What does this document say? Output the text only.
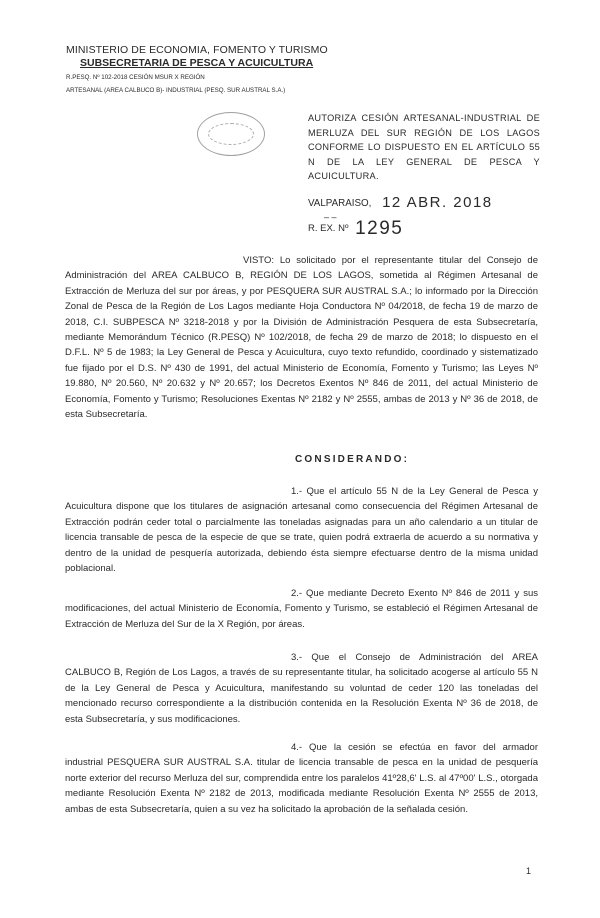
MINISTERIO DE ECONOMIA, FOMENTO Y TURISMO
SUBSECRETARIA DE PESCA Y ACUICULTURA
R.PESQ. Nº 102-2018 CESIÓN MSUR X REGIÓN
ARTESANAL (AREA CALBUCO B)- INDUSTRIAL (PESQ. SUR AUSTRAL S.A.)
AUTORIZA CESIÓN ARTESANAL-INDUSTRIAL DE MERLUZA DEL SUR REGIÓN DE LOS LAGOS CONFORME LO DISPUESTO EN EL ARTÍCULO 55 N DE LA LEY GENERAL DE PESCA Y ACUICULTURA.
VALPARAISO, 12 ABR. 2018
– –
R. EX. Nº 1295
VISTO: Lo solicitado por el representante titular del Consejo de Administración del AREA CALBUCO B, REGIÓN DE LOS LAGOS, sometida al Régimen Artesanal de Extracción de Merluza del sur por áreas, y por PESQUERA SUR AUSTRAL S.A.; lo informado por la Dirección Zonal de Pesca de la Región de Los Lagos mediante Hoja Conductora Nº 04/2018, de fecha 19 de marzo de 2018, C.I. SUBPESCA Nº 3218-2018 y por la División de Administración Pesquera de esta Subsecretaría, mediante Memorándum Técnico (R.PESQ) Nº 102/2018, de fecha 29 de marzo de 2018; lo dispuesto en el D.F.L. Nº 5 de 1983; la Ley General de Pesca y Acuicultura, cuyo texto refundido, coordinado y sistematizado fue fijado por el D.S. Nº 430 de 1991, del actual Ministerio de Economía, Fomento y Turismo; las Leyes Nº 19.880, Nº 20.560, Nº 20.632 y Nº 20.657; los Decretos Exentos Nº 846 de 2011, del actual Ministerio de Economía, Fomento y Turismo; Resoluciones Exentas Nº 2182 y Nº 2555, ambas de 2013 y Nº 36 de 2018, de esta Subsecretaría.
CONSIDERANDO:
1.- Que el artículo 55 N de la Ley General de Pesca y Acuicultura dispone que los titulares de asignación artesanal como consecuencia del Régimen Artesanal de Extracción podrán ceder total o parcialmente las toneladas asignadas para un año calendario a un titular de licencia transable de pesca de la especie de que se trate, quien podrá extraerla de acuerdo a su normativa y dentro de la unidad de pesquería autorizada, debiendo ésta siempre efectuarse dentro de la misma unidad poblacional.
2.- Que mediante Decreto Exento Nº 846 de 2011 y sus modificaciones, del actual Ministerio de Economía, Fomento y Turismo, se estableció el Régimen Artesanal de Extracción de Merluza del Sur de la X Región, por áreas.
3.- Que el Consejo de Administración del AREA CALBUCO B, Región de Los Lagos, a través de su representante titular, ha solicitado acogerse al artículo 55 N de la Ley General de Pesca y Acuicultura, manifestando su voluntad de ceder 120 las toneladas del mencionado recurso correspondiente a la distribución contenida en la Resolución Exenta Nº 36 de 2018, de esta Subsecretaría, y sus modificaciones.
4.- Que la cesión se efectúa en favor del armador industrial PESQUERA SUR AUSTRAL S.A. titular de licencia transable de pesca en la unidad de pesquería norte exterior del recurso Merluza del sur, comprendida entre los paralelos 41º28,6' L.S. al 47º00' L.S., otorgada mediante Resolución Exenta Nº 2182 de 2013, modificada mediante Resolución Exenta Nº 2555 de 2013, ambas de esta Subsecretaría, quien a su vez ha solicitado la aprobación de la señalada cesión.
1
